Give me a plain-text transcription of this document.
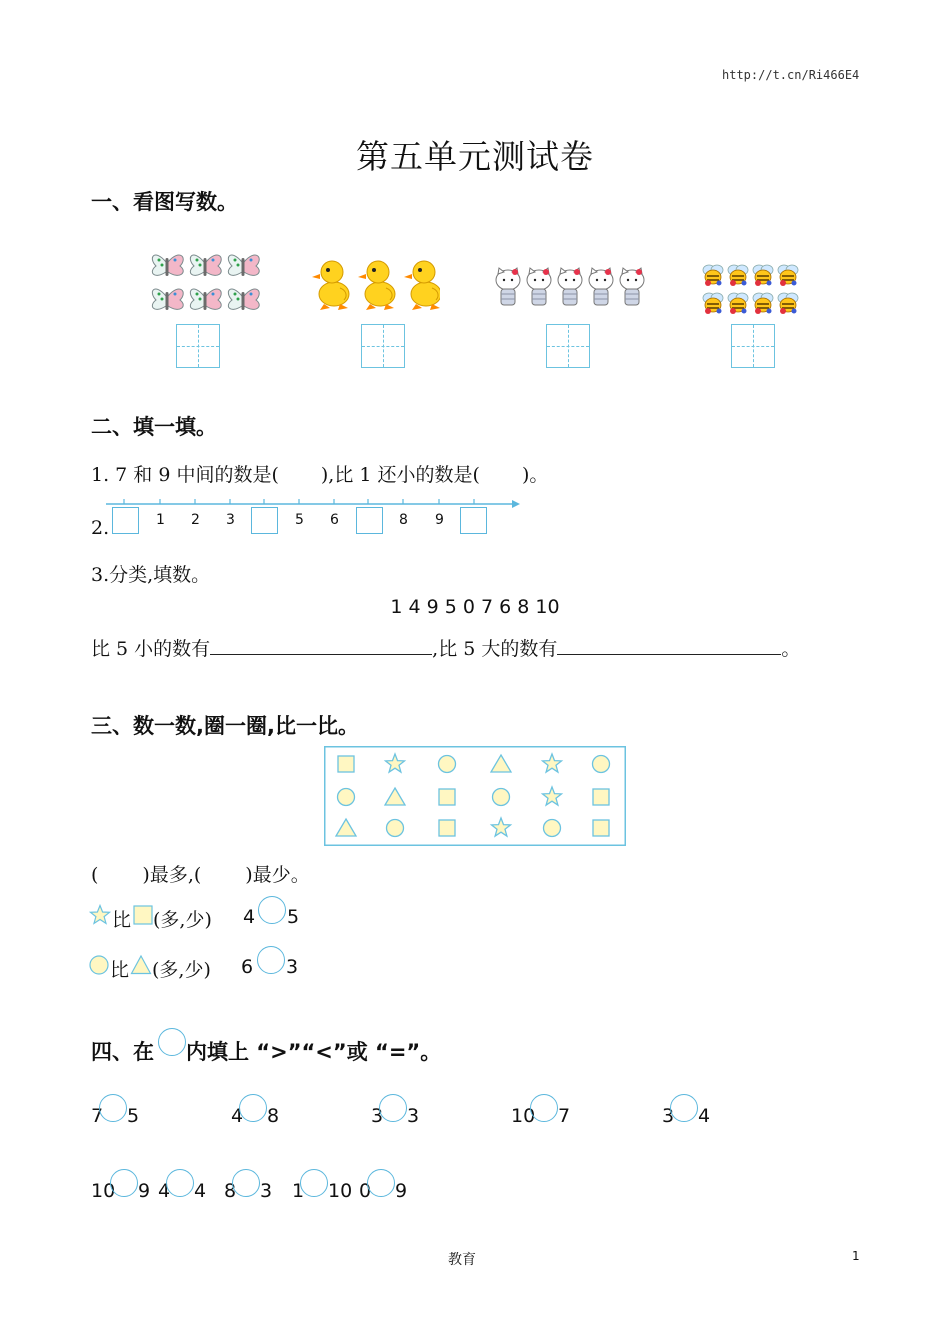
http://t.cn/Ri466E4
第五单元测试卷
一、看图写数。
二、填一填。
1. 7 和 9 中间的数是( ),比 1 还小的数是( )。
2.	1 2 3	5 6	8 9
3.分类,填数。
1 4 9 5 0 7 6 8 10
比 5 小的数有	,比 5 大的数有	。
三、数一数,圈一圈,比一比。
( )最多,( )最少。
比 (多,少) 4 5
比 (多,少) 6 3
四、在 内填上 “>”“<”或 “=”。
7 5	4 8	3 3	10 7	3 4
10 9 4 4 8 3 1 10 0 9
教育	1
